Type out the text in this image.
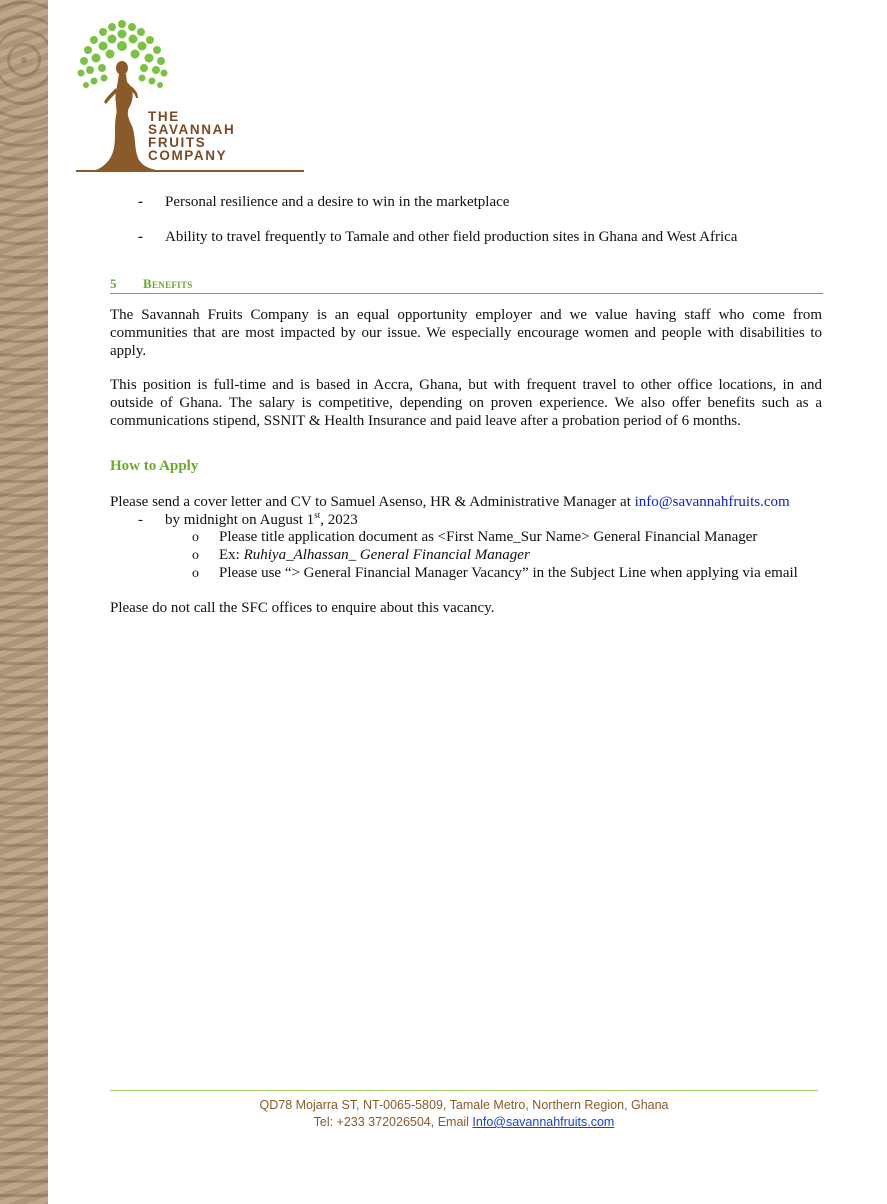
THE
SAVANNAH
FRUITS
COMPANY
- Personal resilience and a desire to win in the marketplace
- Ability to travel frequently to Tamale and other field production sites in Ghana and West Africa
5 Benefits

The Savannah Fruits Company is an equal opportunity employer and we value having staff who come from communities that are most impacted by our issue. We especially encourage women and people with disabilities to apply.

This position is full-time and is based in Accra, Ghana, but with frequent travel to other office locations, in and outside of Ghana. The salary is competitive, depending on proven experience. We also offer benefits such as a communications stipend, SSNIT & Health Insurance and paid leave after a probation period of 6 months.

How to Apply
Please send a cover letter and CV to Samuel Asenso, HR & Administrative Manager at info@savannahfruits.com
- by midnight on August 1st, 2023
o Please title application document as <First Name_Sur Name> General Financial Manager
o Ex: Ruhiya_Alhassan_ General Financial Manager
o Please use “> General Financial Manager Vacancy” in the Subject Line when applying via email
Please do not call the SFC offices to enquire about this vacancy.
QD78 Mojarra ST, NT-0065-5809, Tamale Metro, Northern Region, Ghana
Tel: +233 372026504, Email Info@savannahfruits.com
